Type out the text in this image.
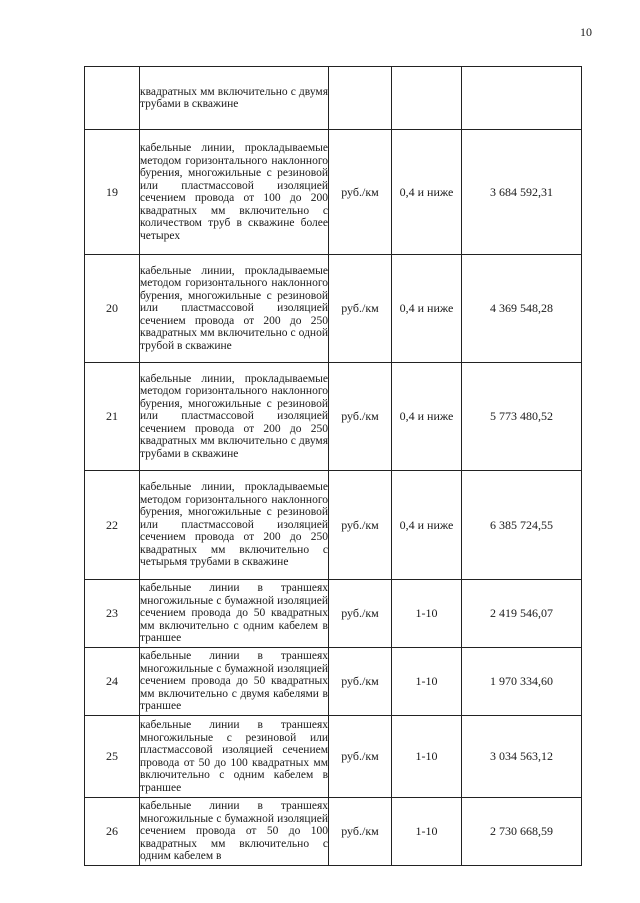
10
	квадратных мм включительно с двумя трубами в скважине			
19	кабельные линии, прокладываемые методом горизонтального наклонного бурения, многожильные с резиновой или пластмассовой изоляцией сечением провода от 100 до 200 квадратных мм включительно с количеством труб в скважине более четырех	руб./км	0,4 и ниже	3 684 592,31
20	кабельные линии, прокладываемые методом горизонтального наклонного бурения, многожильные с резиновой или пластмассовой изоляцией сечением провода от 200 до 250 квадратных мм включительно с одной трубой в скважине	руб./км	0,4 и ниже	4 369 548,28
21	кабельные линии, прокладываемые методом горизонтального наклонного бурения, многожильные с резиновой или пластмассовой изоляцией сечением провода от 200 до 250 квадратных мм включительно с двумя трубами в скважине	руб./км	0,4 и ниже	5 773 480,52
22	кабельные линии, прокладываемые методом горизонтального наклонного бурения, многожильные с резиновой или пластмассовой изоляцией сечением провода от 200 до 250 квадратных мм включительно с четырьмя трубами в скважине	руб./км	0,4 и ниже	6 385 724,55
23	кабельные линии в траншеях многожильные с бумажной изоляцией сечением провода до 50 квадратных мм включительно с одним кабелем в траншее	руб./км	1-10	2 419 546,07
24	кабельные линии в траншеях многожильные с бумажной изоляцией сечением провода до 50 квадратных мм включительно с двумя кабелями в траншее	руб./км	1-10	1 970 334,60
25	кабельные линии в траншеях многожильные с резиновой или пластмассовой изоляцией сечением провода от 50 до 100 квадратных мм включительно с одним кабелем в траншее	руб./км	1-10	3 034 563,12
26	кабельные линии в траншеях многожильные с бумажной изоляцией сечением провода от 50 до 100 квадратных мм включительно с одним кабелем в	руб./км	1-10	2 730 668,59
